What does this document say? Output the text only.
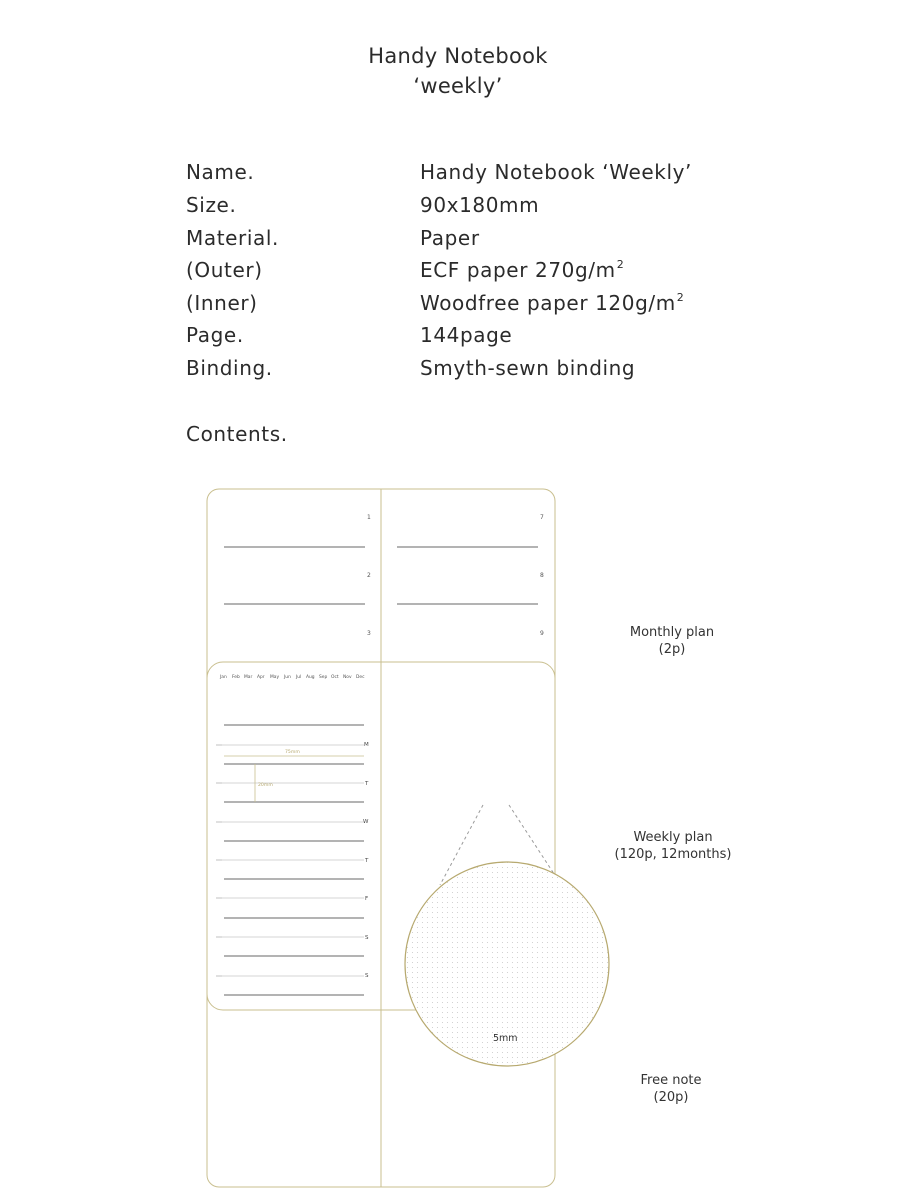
Handy Notebook
‘weekly’
Name.	Handy Notebook ‘Weekly’
Size.	90x180mm
Material.	Paper
(Outer)	ECF paper $270g/m^2$
(Inner)	Woodfree paper $120g/m^2$
Page.	144page
Binding.	Smyth-sewn binding
Contents.
Monthly plan
(2p)
Weekly plan
(120p, 12months)
Free note
(20p)
1
2
3
7
8
9
Jan Feb Mar Apr May Jun Jul Aug Sep Oct Nov Dec
75mm
20mm
M
T
W
T
F
S
S
5mm
